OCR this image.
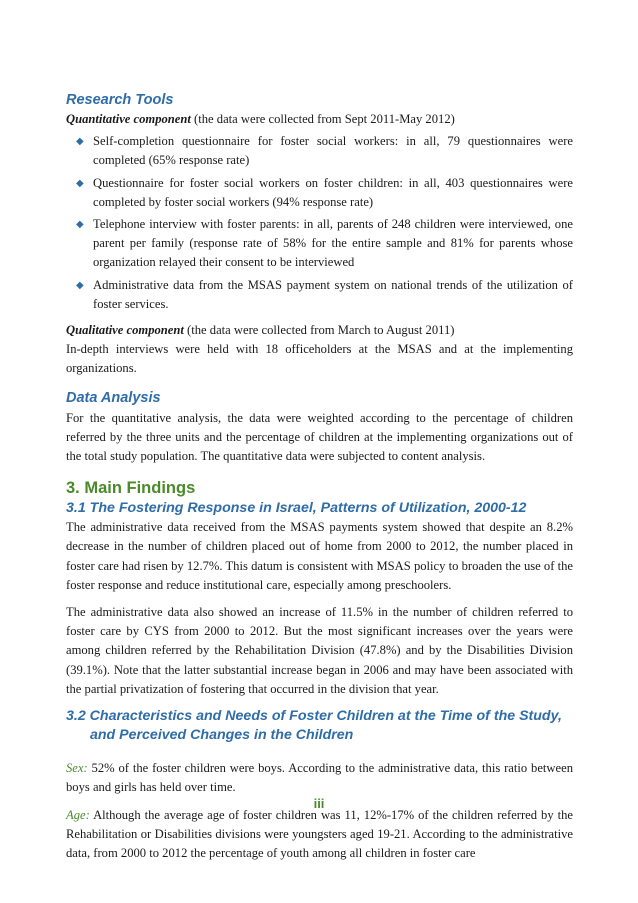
Research Tools

Quantitative component (the data were collected from Sept 2011-May 2012)

◆ Self-completion questionnaire for foster social workers: in all, 79 questionnaires were completed (65% response rate)
◆ Questionnaire for foster social workers on foster children: in all, 403 questionnaires were completed by foster social workers (94% response rate)
◆ Telephone interview with foster parents: in all, parents of 248 children were interviewed, one parent per family (response rate of 58% for the entire sample and 81% for parents whose organization relayed their consent to be interviewed
◆ Administrative data from the MSAS payment system on national trends of the utilization of foster services.

Qualitative component (the data were collected from March to August 2011)

In-depth interviews were held with 18 officeholders at the MSAS and at the implementing organizations.

Data Analysis

For the quantitative analysis, the data were weighted according to the percentage of children referred by the three units and the percentage of children at the implementing organizations out of the total study population. The quantitative data were subjected to content analysis.

3. Main Findings
3.1 The Fostering Response in Israel, Patterns of Utilization, 2000-12

The administrative data received from the MSAS payments system showed that despite an 8.2% decrease in the number of children placed out of home from 2000 to 2012, the number placed in foster care had risen by 12.7%. This datum is consistent with MSAS policy to broaden the use of the foster response and reduce institutional care, especially among preschoolers.

The administrative data also showed an increase of 11.5% in the number of children referred to foster care by CYS from 2000 to 2012. But the most significant increases over the years were among children referred by the Rehabilitation Division (47.8%) and by the Disabilities Division (39.1%). Note that the latter substantial increase began in 2006 and may have been associated with the partial privatization of fostering that occurred in the division that year.

3.2 Characteristics and Needs of Foster Children at the Time of the Study,
and Perceived Changes in the Children

Sex: 52% of the foster children were boys. According to the administrative data, this ratio between boys and girls has held over time.

Age: Although the average age of foster children was 11, 12%-17% of the children referred by the Rehabilitation or Disabilities divisions were youngsters aged 19-21. According to the administrative data, from 2000 to 2012 the percentage of youth among all children in foster care

iii
